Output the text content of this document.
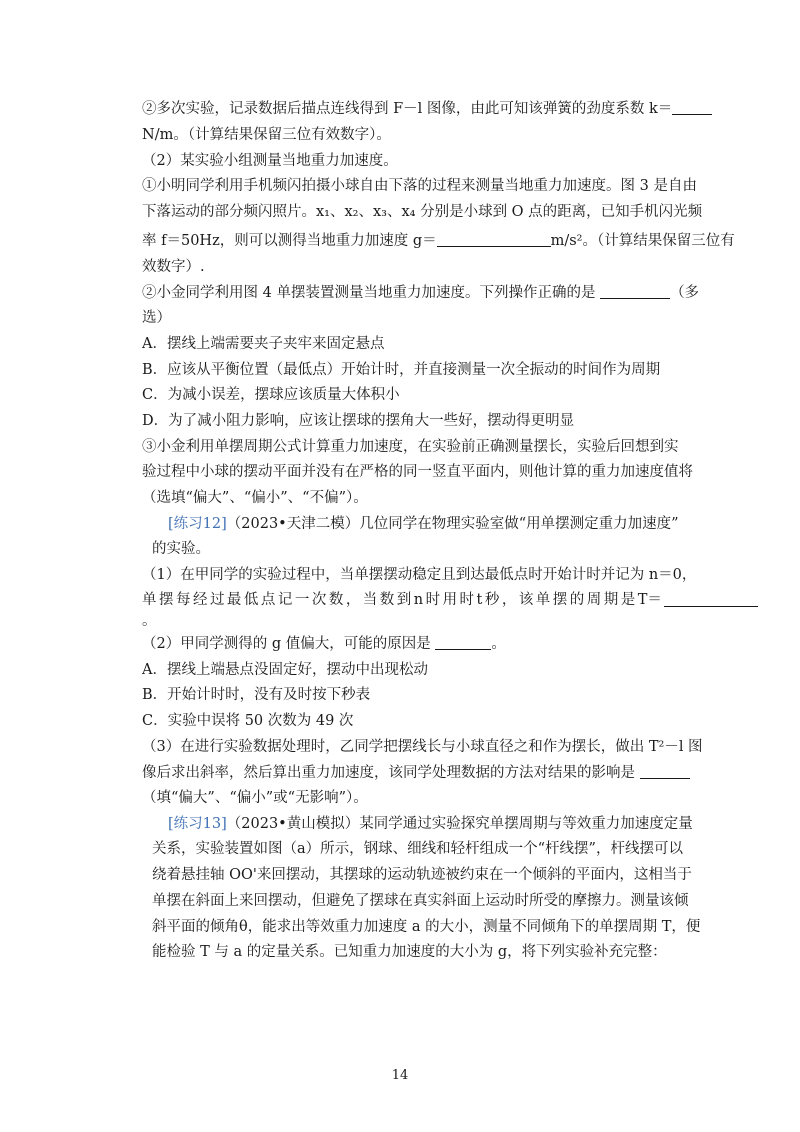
②多次实验，记录数据后描点连线得到 F－l 图像，由此可知该弹簧的劲度系数 k＝
N/m。（计算结果保留三位有效数字）。
（2）某实验小组测量当地重力加速度。
①小明同学利用手机频闪拍摄小球自由下落的过程来测量当地重力加速度。图 3 是自由
下落运动的部分频闪照片。x₁、x₂、x₃、x₄ 分别是小球到 O 点的距离，已知手机闪光频
率 f＝50Hz，则可以测得当地重力加速度 g＝	m/s²。（计算结果保留三位有
效数字）.
②小金同学利用图 4 单摆装置测量当地重力加速度。下列操作正确的是	（多
选）
A．摆线上端需要夹子夹牢来固定悬点
B．应该从平衡位置（最低点）开始计时，并直接测量一次全振动的时间作为周期
C．为减小误差，摆球应该质量大体积小
D．为了减小阻力影响，应该让摆球的摆角大一些好，摆动得更明显
③小金利用单摆周期公式计算重力加速度，在实验前正确测量摆长，实验后回想到实
验过程中小球的摆动平面并没有在严格的同一竖直平面内，则他计算的重力加速度值将
（选填“偏大”、“偏小”、“不偏”）。
[练习12]（2023•天津二模）几位同学在物理实验室做“用单摆测定重力加速度”
的实验。
（1）在甲同学的实验过程中，当单摆摆动稳定且到达最低点时开始计时并记为 n＝0，
单 摆 每 经 过 最 低 点 记 一 次 数 ， 当 数 到 n 时 用 时 t 秒 ， 该 单 摆 的 周 期 是 T＝
。
（2）甲同学测得的 g 值偏大，可能的原因是	。
A．摆线上端悬点没固定好，摆动中出现松动
B．开始计时时，没有及时按下秒表
C．实验中误将 50 次数为 49 次
（3）在进行实验数据处理时，乙同学把摆线长与小球直径之和作为摆长，做出 T²－l 图
像后求出斜率，然后算出重力加速度，该同学处理数据的方法对结果的影响是
（填“偏大”、“偏小”或“无影响”）。
[练习13]（2023•黄山模拟）某同学通过实验探究单摆周期与等效重力加速度定量
关系，实验装置如图（a）所示，钢球、细线和轻杆组成一个“杆线摆”，杆线摆可以
绕着悬挂轴 OO'来回摆动，其摆球的运动轨迹被约束在一个倾斜的平面内，这相当于
单摆在斜面上来回摆动，但避免了摆球在真实斜面上运动时所受的摩擦力。测量该倾
斜平面的倾角θ，能求出等效重力加速度 a 的大小，测量不同倾角下的单摆周期 T，便
能检验 T 与 a 的定量关系。已知重力加速度的大小为 g，将下列实验补充完整：
14
